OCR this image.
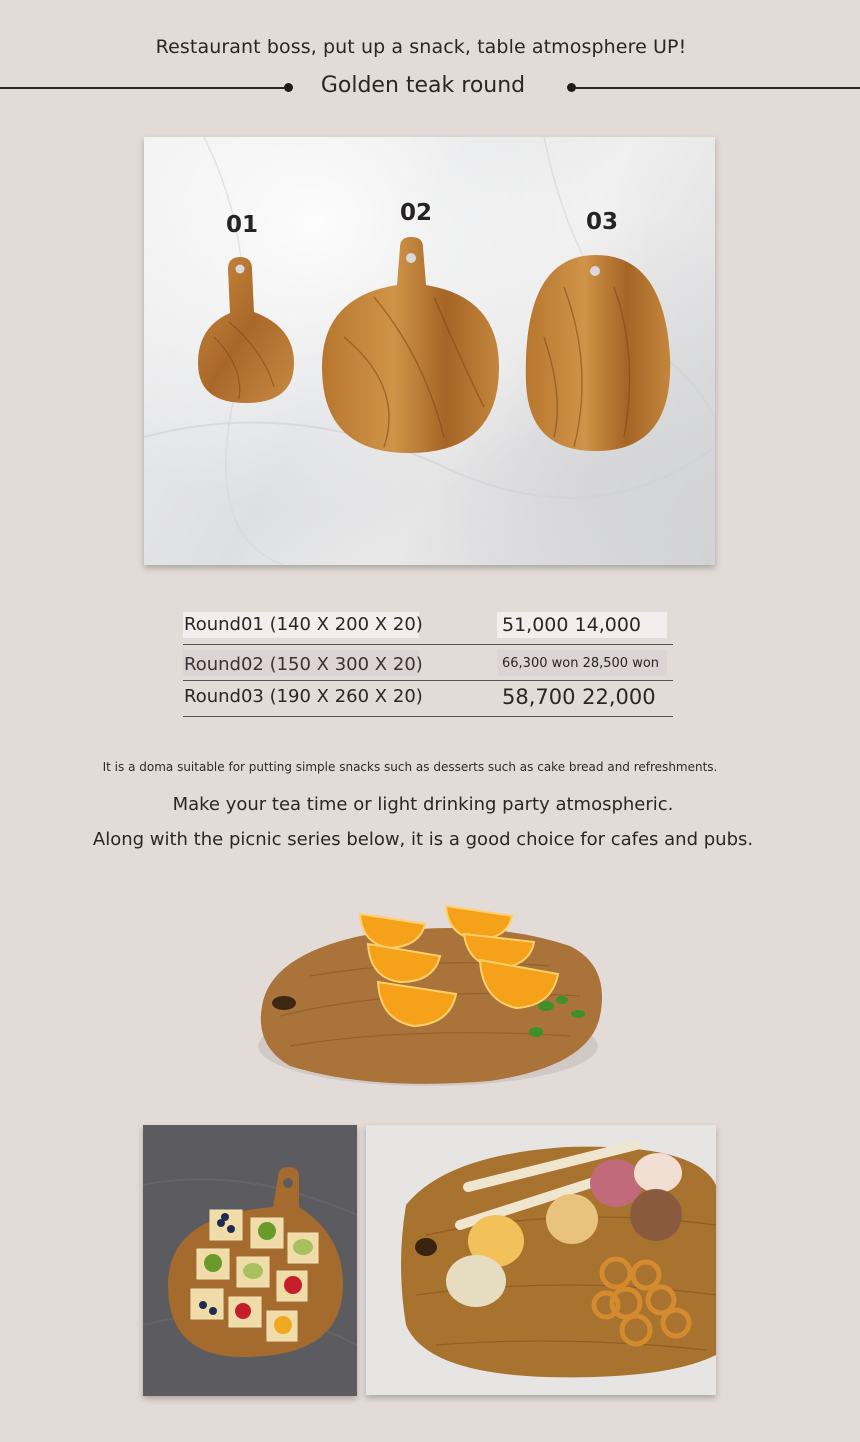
Restaurant boss, put up a snack, table atmosphere UP!
Golden teak round
01	02	03
Round01 (140 X 200 X 20)	51,000 14,000
Round02 (150 X 300 X 20)	66,300 won 28,500 won
Round03 (190 X 260 X 20)	58,700 22,000
It is a doma suitable for putting simple snacks such as desserts such as cake bread and refreshments.
Make your tea time or light drinking party atmospheric.
Along with the picnic series below, it is a good choice for cafes and pubs.
